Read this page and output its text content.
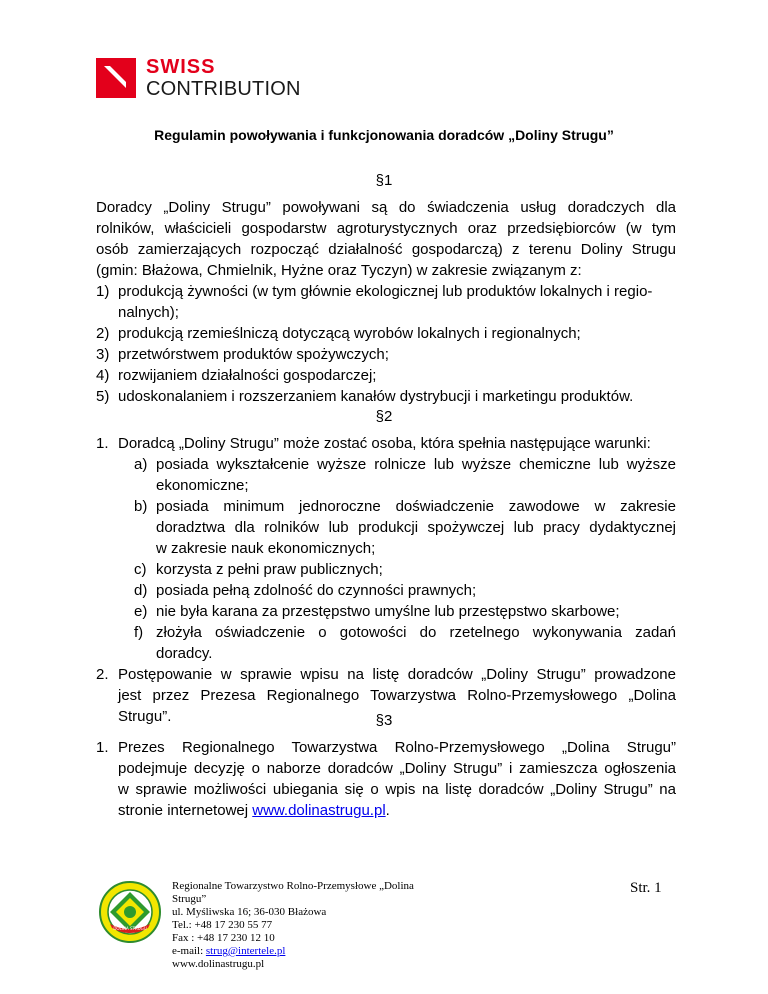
SWISS
CONTRIBUTION
Regulamin powoływania i funkcjonowania doradców „Doliny Strugu”
§1
Doradcy „Doliny Strugu” powoływani są do świadczenia usług doradczych dla
rolników, właścicieli gospodarstw agroturystycznych oraz przedsiębiorców (w tym
osób zamierzających rozpocząć działalność gospodarczą) z terenu Doliny Strugu
(gmin: Błażowa, Chmielnik, Hyżne oraz Tyczyn) w zakresie związanym z:
1) produkcją żywności (w tym głównie ekologicznej lub produktów lokalnych i regio-
nalnych);
2) produkcją rzemieślniczą dotyczącą wyrobów lokalnych i regionalnych;
3) przetwórstwem produktów spożywczych;
4) rozwijaniem działalności gospodarczej;
5) udoskonalaniem i rozszerzaniem kanałów dystrybucji i marketingu produktów.
§2
1. Doradcą „Doliny Strugu” może zostać osoba, która spełnia następujące warunki:
a) posiada wykształcenie wyższe rolnicze lub wyższe chemiczne lub wyższe
ekonomiczne;
b) posiada minimum jednoroczne doświadczenie zawodowe w zakresie
doradztwa dla rolników lub produkcji spożywczej lub pracy dydaktycznej
w zakresie nauk ekonomicznych;
c) korzysta z pełni praw publicznych;
d) posiada pełną zdolność do czynności prawnych;
e) nie była karana za przestępstwo umyślne lub przestępstwo skarbowe;
f) złożyła oświadczenie o gotowości do rzetelnego wykonywania zadań
doradcy.
2. Postępowanie w sprawie wpisu na listę doradców „Doliny Strugu” prowadzone
jest przez Prezesa Regionalnego Towarzystwa Rolno-Przemysłowego „Dolina
Strugu”.	§3
1. Prezes Regionalnego Towarzystwa Rolno-Przemysłowego „Dolina Strugu”
podejmuje decyzję o naborze doradców „Doliny Strugu” i zamieszcza ogłoszenia
w sprawie możliwości ubiegania się o wpis na listę doradców „Doliny Strugu” na
stronie internetowej www.dolinastrugu.pl.
DOLINA STRUGU
Regionalne Towarzystwo Rolno-Przemysłowe „Dolina
Strugu”
ul. Myśliwska 16; 36-030 Błażowa
Tel.: +48 17 230 55 77
Fax : +48 17 230 12 10
e-mail: strug@intertele.pl
www.dolinastrugu.pl
Str. 1
